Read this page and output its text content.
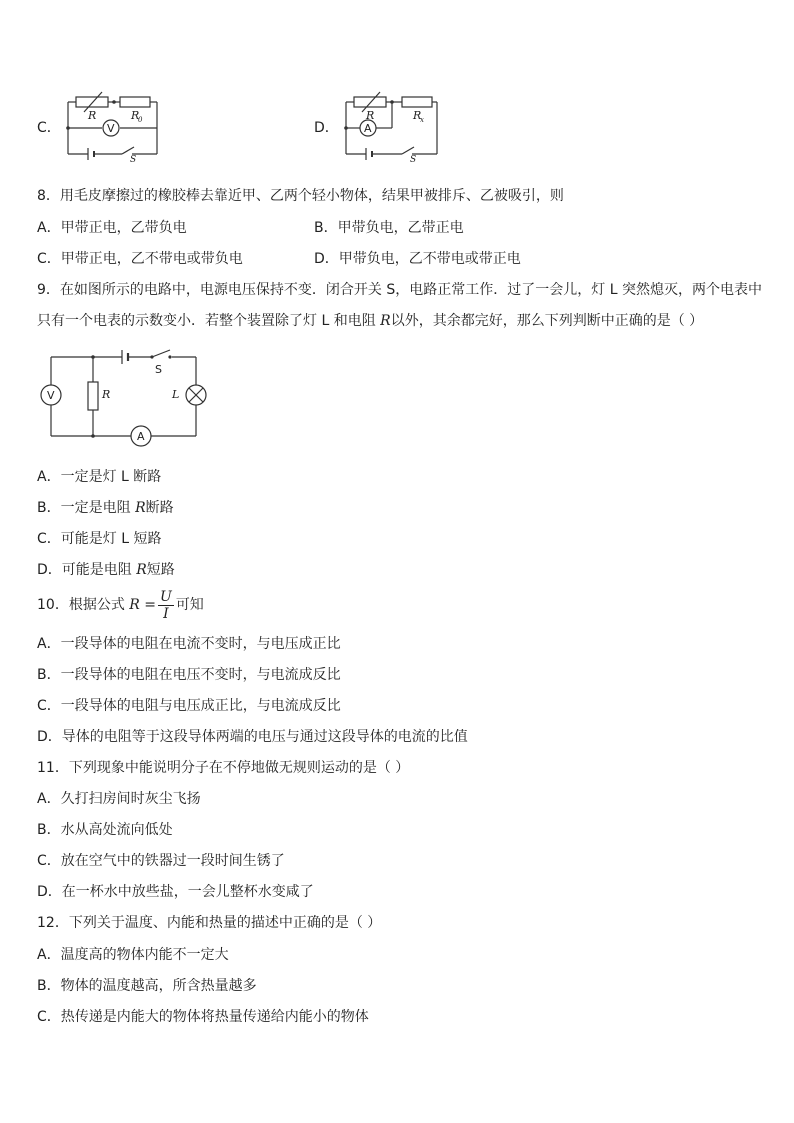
C．
R	R
0
V
S
D．
R	R
x
A
S
8．用毛皮摩擦过的橡胶棒去靠近甲、乙两个轻小物体，结果甲被排斥、乙被吸引，则
A．甲带正电，乙带负电	B．甲带负电，乙带正电
C．甲带正电，乙不带电或带负电	D．甲带负电，乙不带电或带正电
9．在如图所示的电路中，电源电压保持不变．闭合开关 S，电路正常工作．过了一会儿，灯 L 突然熄灭，两个电表中
只有一个电表的示数变小．若整个装置除了灯 L 和电阻 R以外，其余都完好，那么下列判断中正确的是（ ）
V
A
R	L
S
A．一定是灯 L 断路
B．一定是电阻 R断路
C．可能是灯 L 短路
D．可能是电阻 R短路
10．根据公式 $R = \frac{U}{I}$ 可知
A．一段导体的电阻在电流不变时，与电压成正比
B．一段导体的电阻在电压不变时，与电流成反比
C．一段导体的电阻与电压成正比，与电流成反比
D．导体的电阻等于这段导体两端的电压与通过这段导体的电流的比值
11．下列现象中能说明分子在不停地做无规则运动的是（ ）
A．久打扫房间时灰尘飞扬
B．水从高处流向低处
C．放在空气中的铁器过一段时间生锈了
D．在一杯水中放些盐，一会儿整杯水变咸了
12．下列关于温度、内能和热量的描述中正确的是（ ）
A．温度高的物体内能不一定大
B．物体的温度越高，所含热量越多
C．热传递是内能大的物体将热量传递给内能小的物体
